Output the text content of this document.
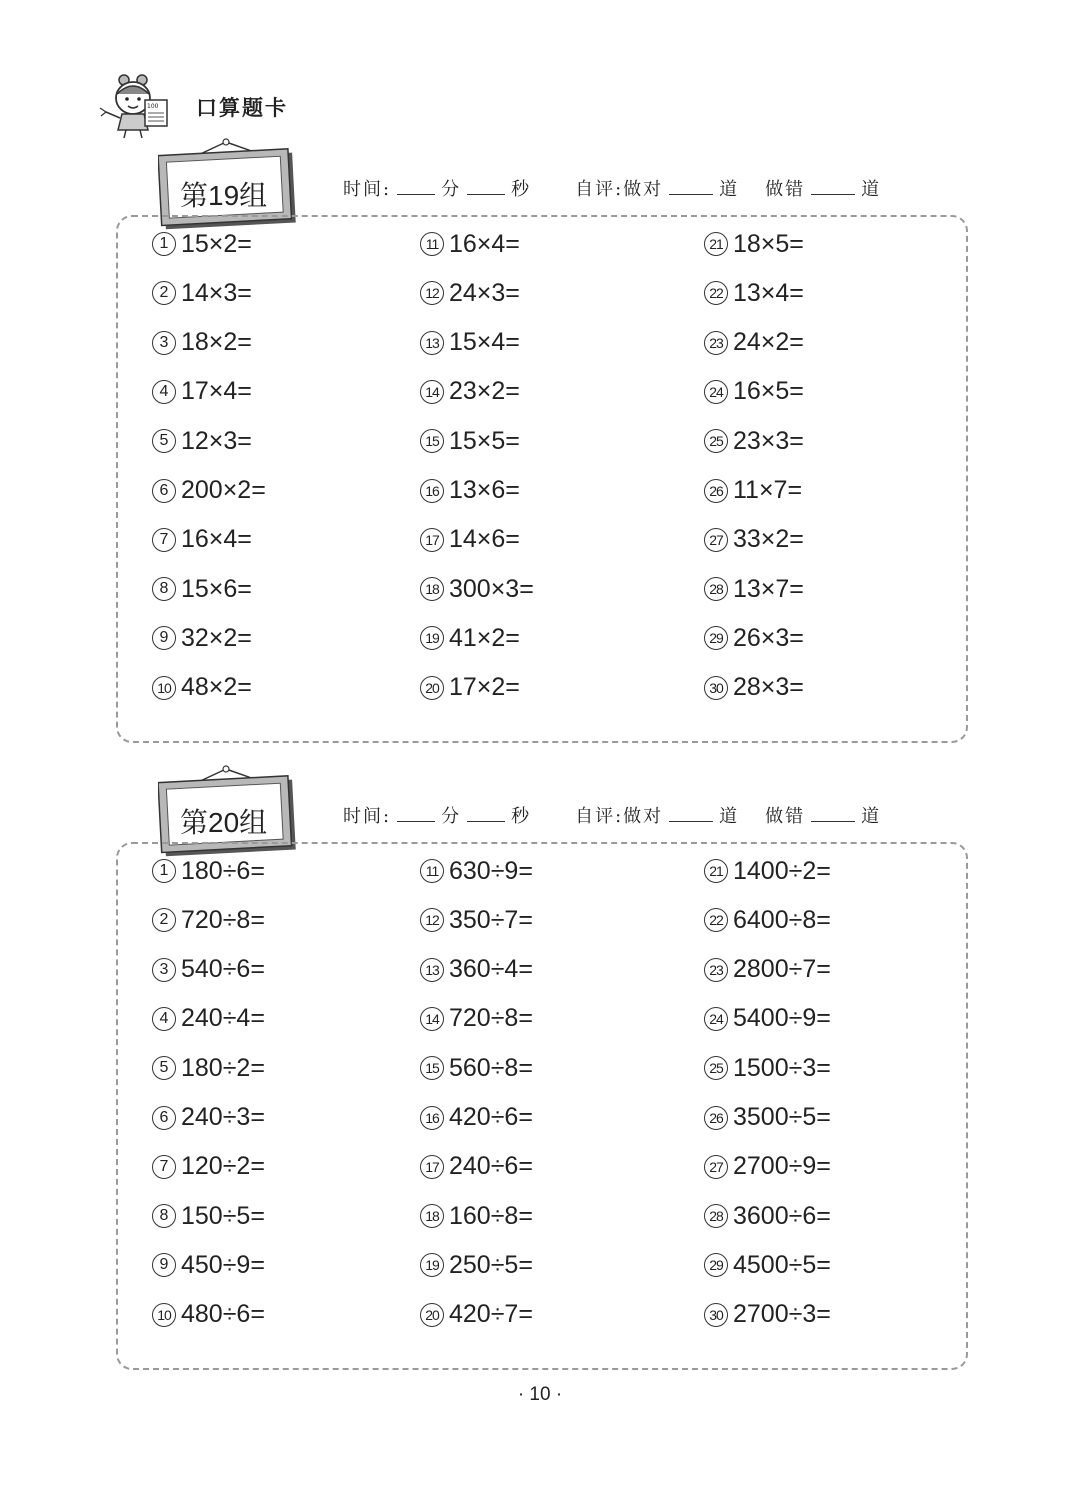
100 口算题卡
第19组	时间:	分	秒 自评:做对	道 做错	道
1 15×2=
2 14×3=
3 18×2=
4 17×4=
5 12×3=
6 200×2=
7 16×4=
8 15×6=
9 32×2=
10 48×2=
11 16×4=
12 24×3=
13 15×4=
14 23×2=
15 15×5=
16 13×6=
17 14×6=
18 300×3=
19 41×2=
20 17×2=
21 18×5=
22 13×4=
23 24×2=
24 16×5=
25 23×3=
26 11×7=
27 33×2=
28 13×7=
29 26×3=
30 28×3=
第20组	时间:	分	秒 自评:做对	道 做错	道
1 180÷6=
2 720÷8=
3 540÷6=
4 240÷4=
5 180÷2=
6 240÷3=
7 120÷2=
8 150÷5=
9 450÷9=
10 480÷6=
11 630÷9=
12 350÷7=
13 360÷4=
14 720÷8=
15 560÷8=
16 420÷6=
17 240÷6=
18 160÷8=
19 250÷5=
20 420÷7=
21 1400÷2=
22 6400÷8=
23 2800÷7=
24 5400÷9=
25 1500÷3=
26 3500÷5=
27 2700÷9=
28 3600÷6=
29 4500÷5=
30 2700÷3=
· 10 ·
